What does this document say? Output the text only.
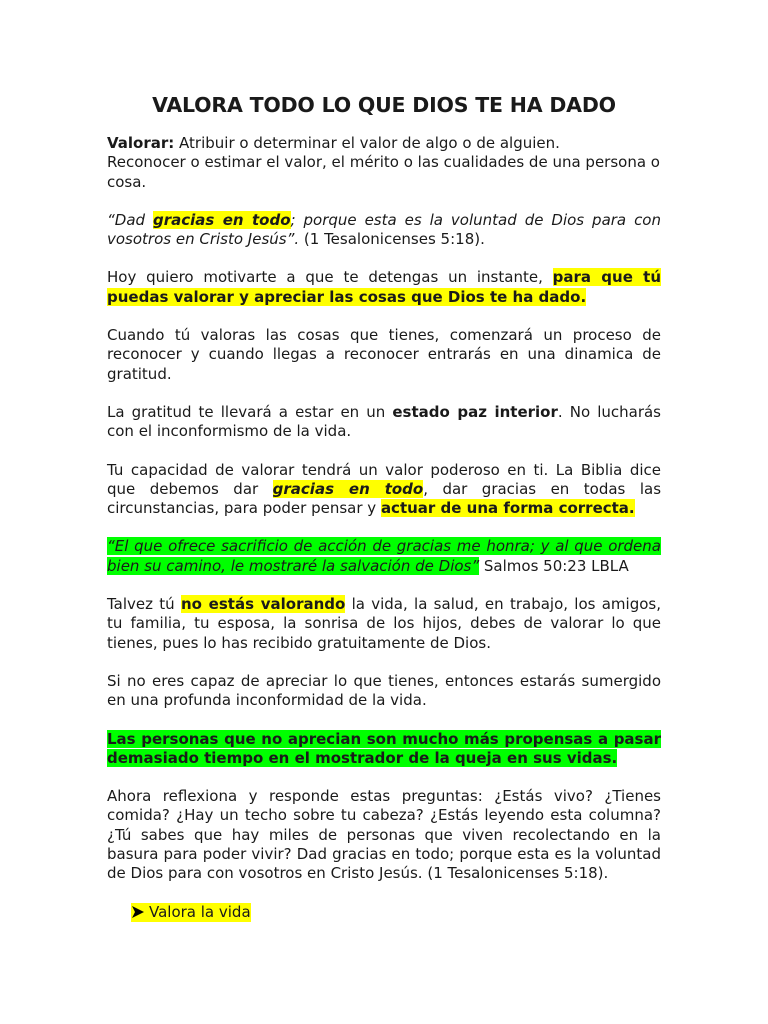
VALORA TODO LO QUE DIOS TE HA DADO

Valorar: Atribuir o determinar el valor de algo o de alguien.
Reconocer o estimar el valor, el mérito o las cualidades de una persona o cosa.

“Dad gracias en todo; porque esta es la voluntad de Dios para con vosotros en Cristo Jesús”. (1 Tesalonicenses 5:18).

Hoy quiero motivarte a que te detengas un instante, para que tú puedas valorar y apreciar las cosas que Dios te ha dado.

Cuando tú valoras las cosas que tienes, comenzará un proceso de reconocer y cuando llegas a reconocer entrarás en una dinamica de gratitud.

La gratitud te llevará a estar en un estado paz interior. No lucharás con el inconformismo de la vida.

Tu capacidad de valorar tendrá un valor poderoso en ti. La Biblia dice que debemos dar gracias en todo, dar gracias en todas las circunstancias, para poder pensar y actuar de una forma correcta.

“El que ofrece sacrificio de acción de gracias me honra; y al que ordena bien su camino, le mostraré la salvación de Dios” Salmos 50:23 LBLA

Talvez tú no estás valorando la vida, la salud, en trabajo, los amigos, tu familia, tu esposa, la sonrisa de los hijos, debes de valorar lo que tienes, pues lo has recibido gratuitamente de Dios.

Si no eres capaz de apreciar lo que tienes, entonces estarás sumergido en una profunda inconformidad de la vida.

Las personas que no aprecian son mucho más propensas a pasar demasiado tiempo en el mostrador de la queja en sus vidas.

Ahora reflexiona y responde estas preguntas: ¿Estás vivo? ¿Tienes comida? ¿Hay un techo sobre tu cabeza? ¿Estás leyendo esta columna? ¿Tú sabes que hay miles de personas que viven recolectando en la basura para poder vivir? Dad gracias en todo; porque esta es la voluntad de Dios para con vosotros en Cristo Jesús. (1 Tesalonicenses 5:18).

Valora la vida
